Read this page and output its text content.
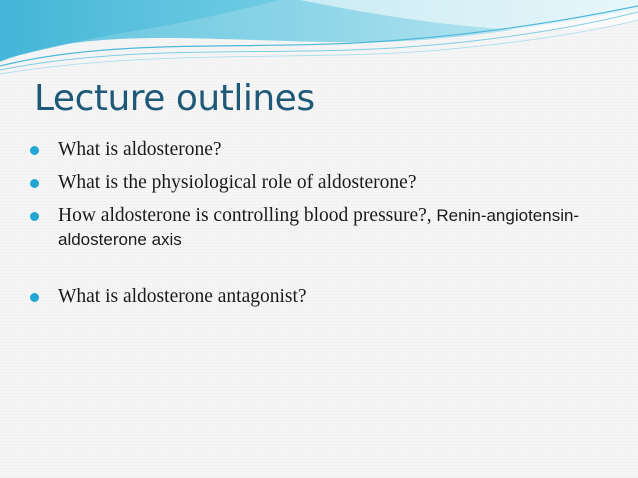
Lecture outlines
What is aldosterone?
What is the physiological role of aldosterone?
How aldosterone is controlling blood pressure?, Renin-angiotensin-aldosterone axis
What is aldosterone antagonist?
